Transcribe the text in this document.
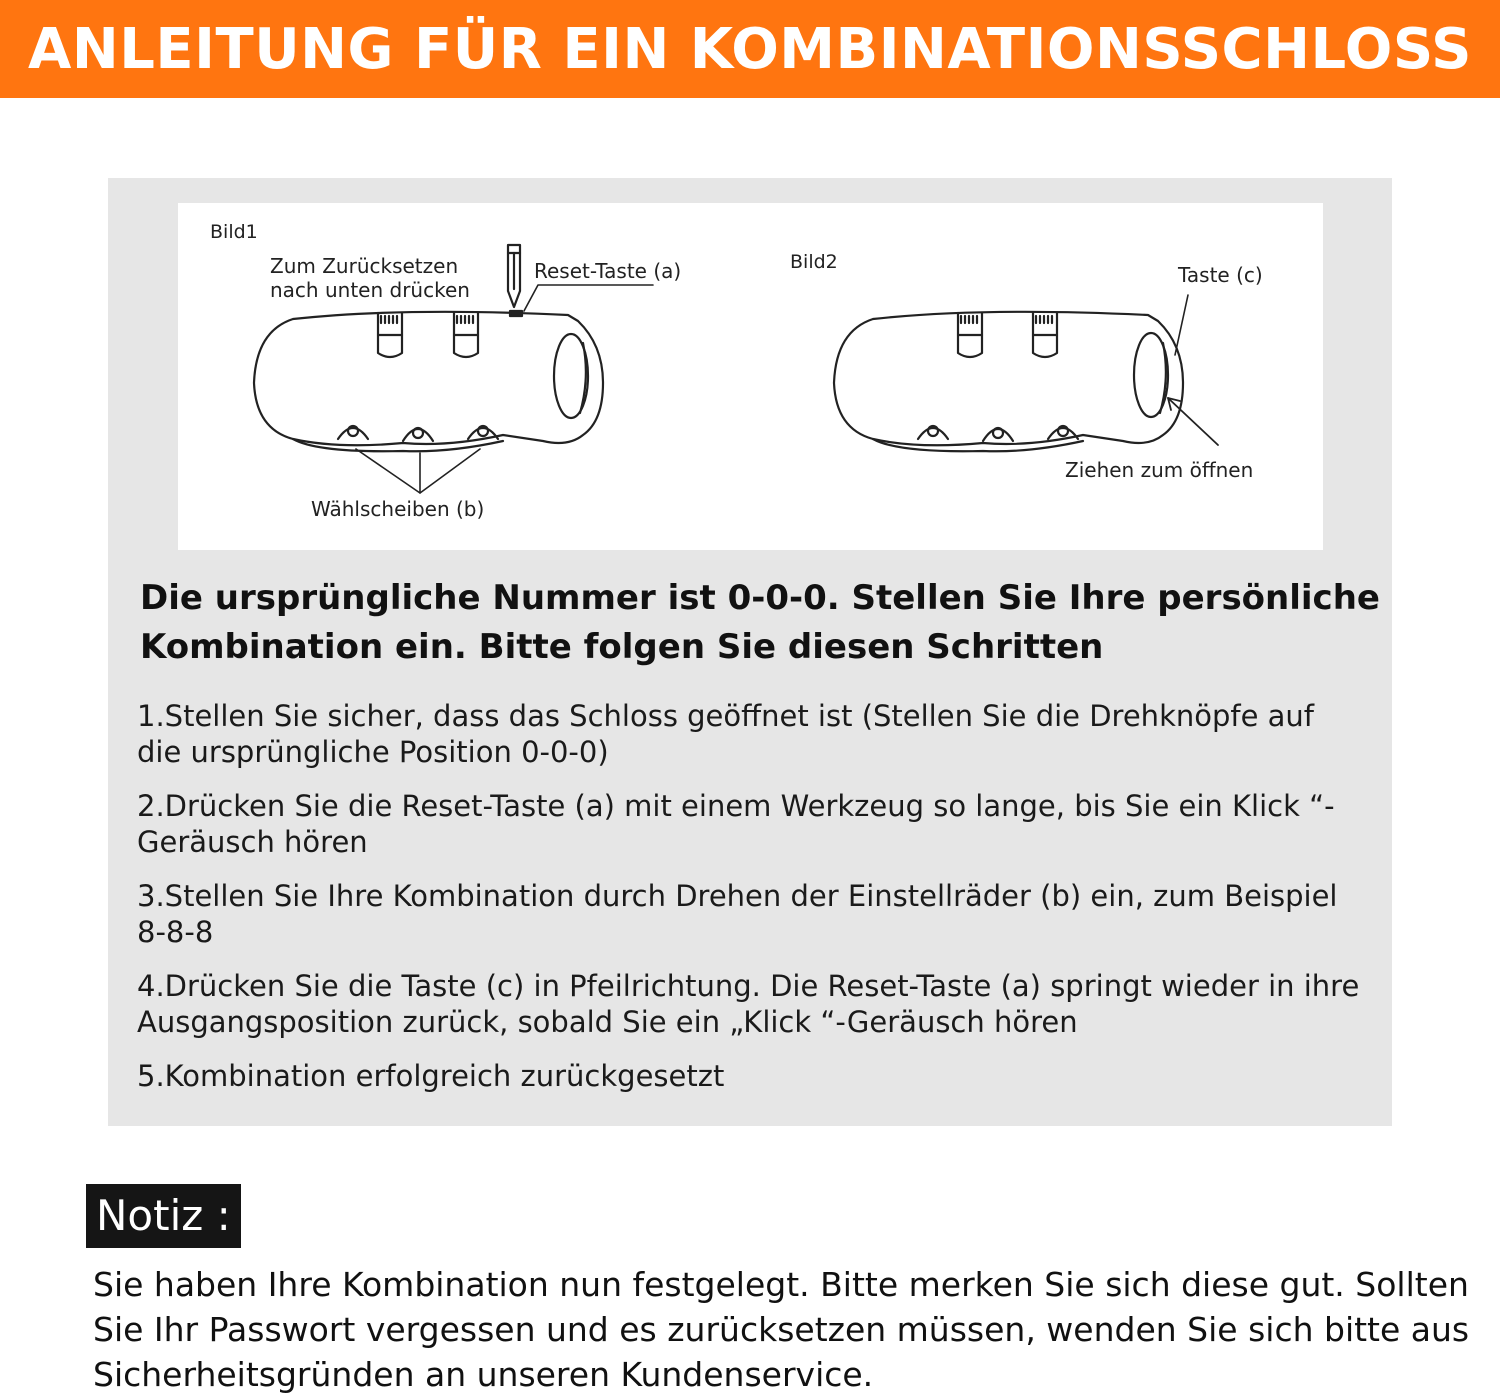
ANLEITUNG FÜR EIN KOMBINATIONSSCHLOSS
Bild1
Zum Zurücksetzen
nach unten drücken
Reset-Taste (a)
Wählscheiben (b)
Bild2
Taste (c)
Ziehen zum öffnen

Die ursprüngliche Nummer ist 0-0-0. Stellen Sie Ihre persönliche Kombination ein. Bitte folgen Sie diesen Schritten

1.Stellen Sie sicher, dass das Schloss geöffnet ist (Stellen Sie die Drehknöpfe auf die ursprüngliche Position 0-0-0)
2.Drücken Sie die Reset-Taste (a) mit einem Werkzeug so lange, bis Sie ein Klick “-Geräusch hören
3.Stellen Sie Ihre Kombination durch Drehen der Einstellräder (b) ein, zum Beispiel 8-8-8
4.Drücken Sie die Taste (c) in Pfeilrichtung. Die Reset-Taste (a) springt wieder in ihre Ausgangsposition zurück, sobald Sie ein „Klick “-Geräusch hören
5.Kombination erfolgreich zurückgesetzt
Notiz :

Sie haben Ihre Kombination nun festgelegt. Bitte merken Sie sich diese gut. Sollten Sie Ihr Passwort vergessen und es zurücksetzen müssen, wenden Sie sich bitte aus Sicherheitsgründen an unseren Kundenservice.
